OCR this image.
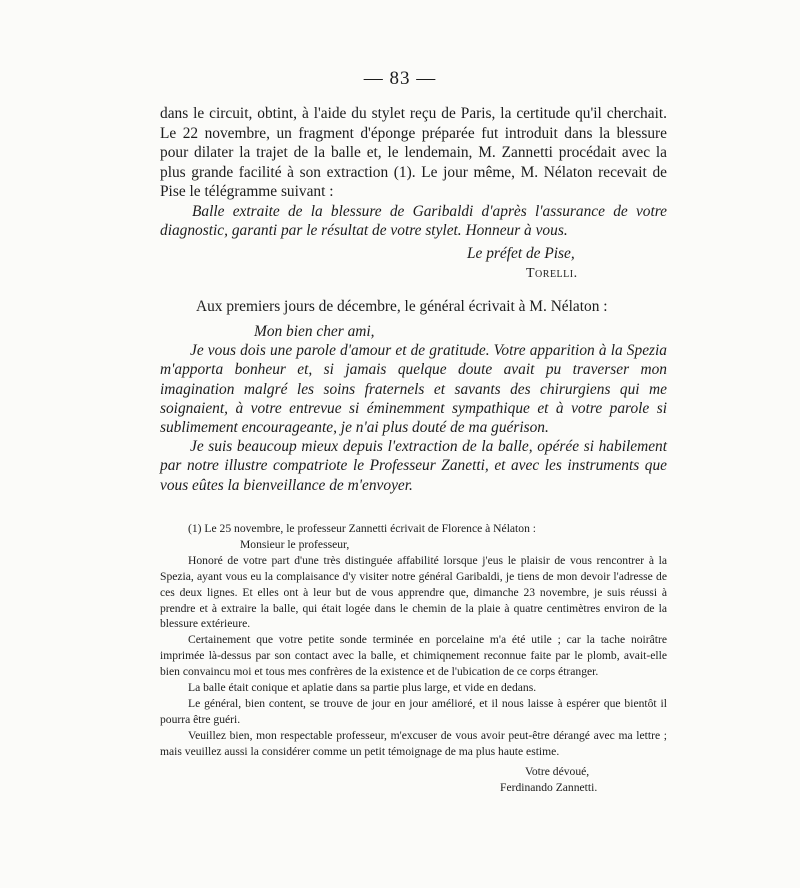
— 83 —

dans le circuit, obtint, à l'aide du stylet reçu de Paris, la certitude qu'il cherchait. Le 22 novembre, un fragment d'éponge préparée fut introduit dans la blessure pour dilater la trajet de la balle et, le lendemain, M. Zannetti procédait avec la plus grande facilité à son extraction (1). Le jour même, M. Nélaton recevait de Pise le télégramme suivant :

Balle extraite de la blessure de Garibaldi d'après l'assurance de votre diagnostic, garanti par le résultat de votre stylet. Honneur à vous.

Le préfet de Pise,
Torelli.
Aux premiers jours de décembre, le général écrivait à M. Nélaton :

Mon bien cher ami,

Je vous dois une parole d'amour et de gratitude. Votre apparition à la Spezia m'apporta bonheur et, si jamais quelque doute avait pu traverser mon imagination malgré les soins fraternels et savants des chirurgiens qui me soignaient, à votre entrevue si éminemment sympathique et à votre parole si sublimement encourageante, je n'ai plus douté de ma guérison.

Je suis beaucoup mieux depuis l'extraction de la balle, opérée si habilement par notre illustre compatriote le Professeur Zanetti, et avec les instruments que vous eûtes la bienveillance de m'envoyer.

(1) Le 25 novembre, le professeur Zannetti écrivait de Florence à Nélaton :

Monsieur le professeur,

Honoré de votre part d'une très distinguée affabilité lorsque j'eus le plaisir de vous rencontrer à la Spezia, ayant vous eu la complaisance d'y visiter notre général Garibaldi, je tiens de mon devoir l'adresse de ces deux lignes. Et elles ont à leur but de vous apprendre que, dimanche 23 novembre, je suis réussi à prendre et à extraire la balle, qui était logée dans le chemin de la plaie à quatre centimètres environ de la blessure extérieure.

Certainement que votre petite sonde terminée en porcelaine m'a été utile ; car la tache noirâtre imprimée là-dessus par son contact avec la balle, et chimiqnement reconnue faite par le plomb, avait-elle bien convaincu moi et tous mes confrères de la existence et de l'ubication de ce corps étranger.

La balle était conique et aplatie dans sa partie plus large, et vide en dedans.

Le général, bien content, se trouve de jour en jour amélioré, et il nous laisse à espérer que bientôt il pourra être guéri.

Veuillez bien, mon respectable professeur, m'excuser de vous avoir peut-être dérangé avec ma lettre ; mais veuillez aussi la considérer comme un petit témoignage de ma plus haute estime.

Votre dévoué,

Ferdinando Zannetti.
